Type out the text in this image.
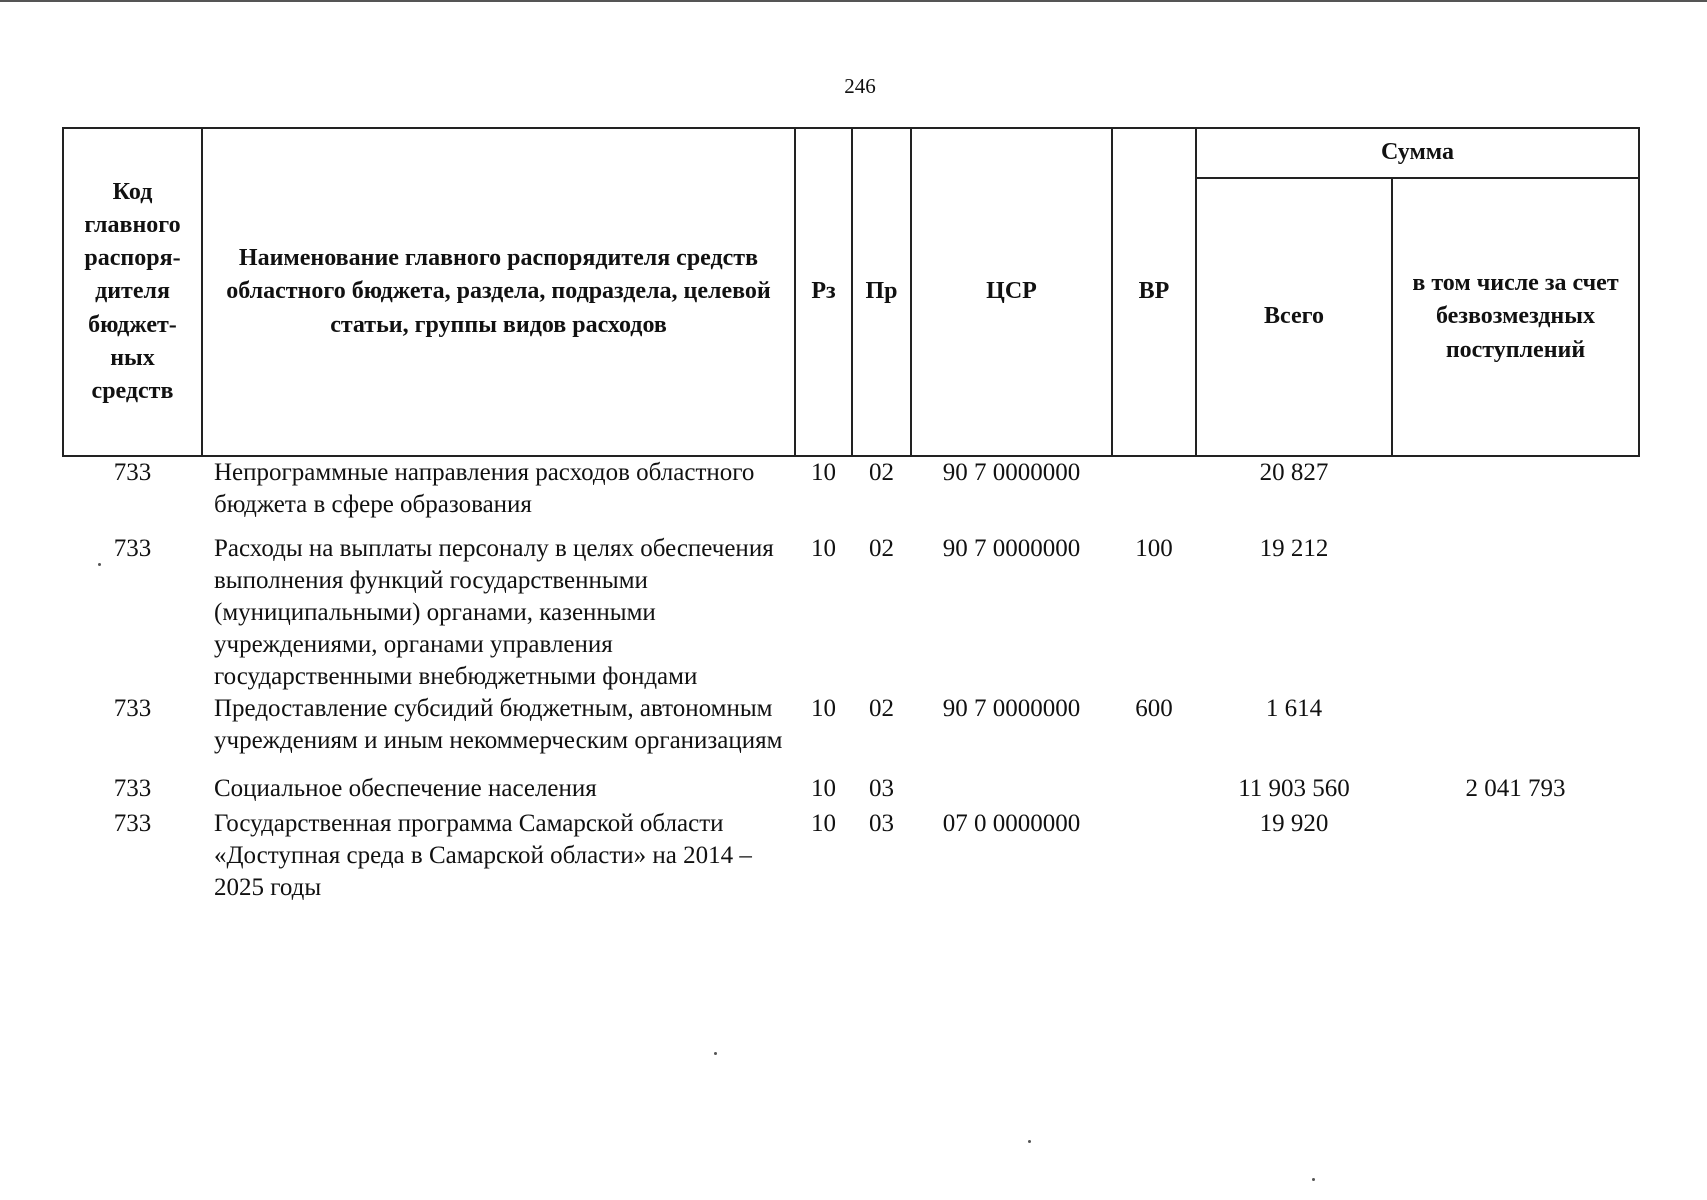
246
Код главного распоря-дителя бюджет-ных средств	Наименование главного распорядителя средств областного бюджета, раздела, подраздела, целевой статьи, группы видов расходов	Рз	Пр	ЦСР	ВР	Сумма	
						Всего	в том числе за счет безвозмездных поступлений
733	Непрограммные направления расходов областного бюджета в сфере образования	10	02	90 7 0000000		20 827	
733	Расходы на выплаты персоналу в целях обеспечения выполнения функций государственными (муниципальными) органами, казенными учреждениями, органами управления государственными внебюджетными фондами	10	02	90 7 0000000	100	19 212	
733	Предоставление субсидий бюджетным, автономным учреждениям и иным некоммерческим организациям	10	02	90 7 0000000	600	1 614	
733	Социальное обеспечение населения	10	03			11 903 560	2 041 793
733	Государственная программа Самарской области «Доступная среда в Самарской области» на 2014 – 2025 годы	10	03	07 0 0000000		19 920	
